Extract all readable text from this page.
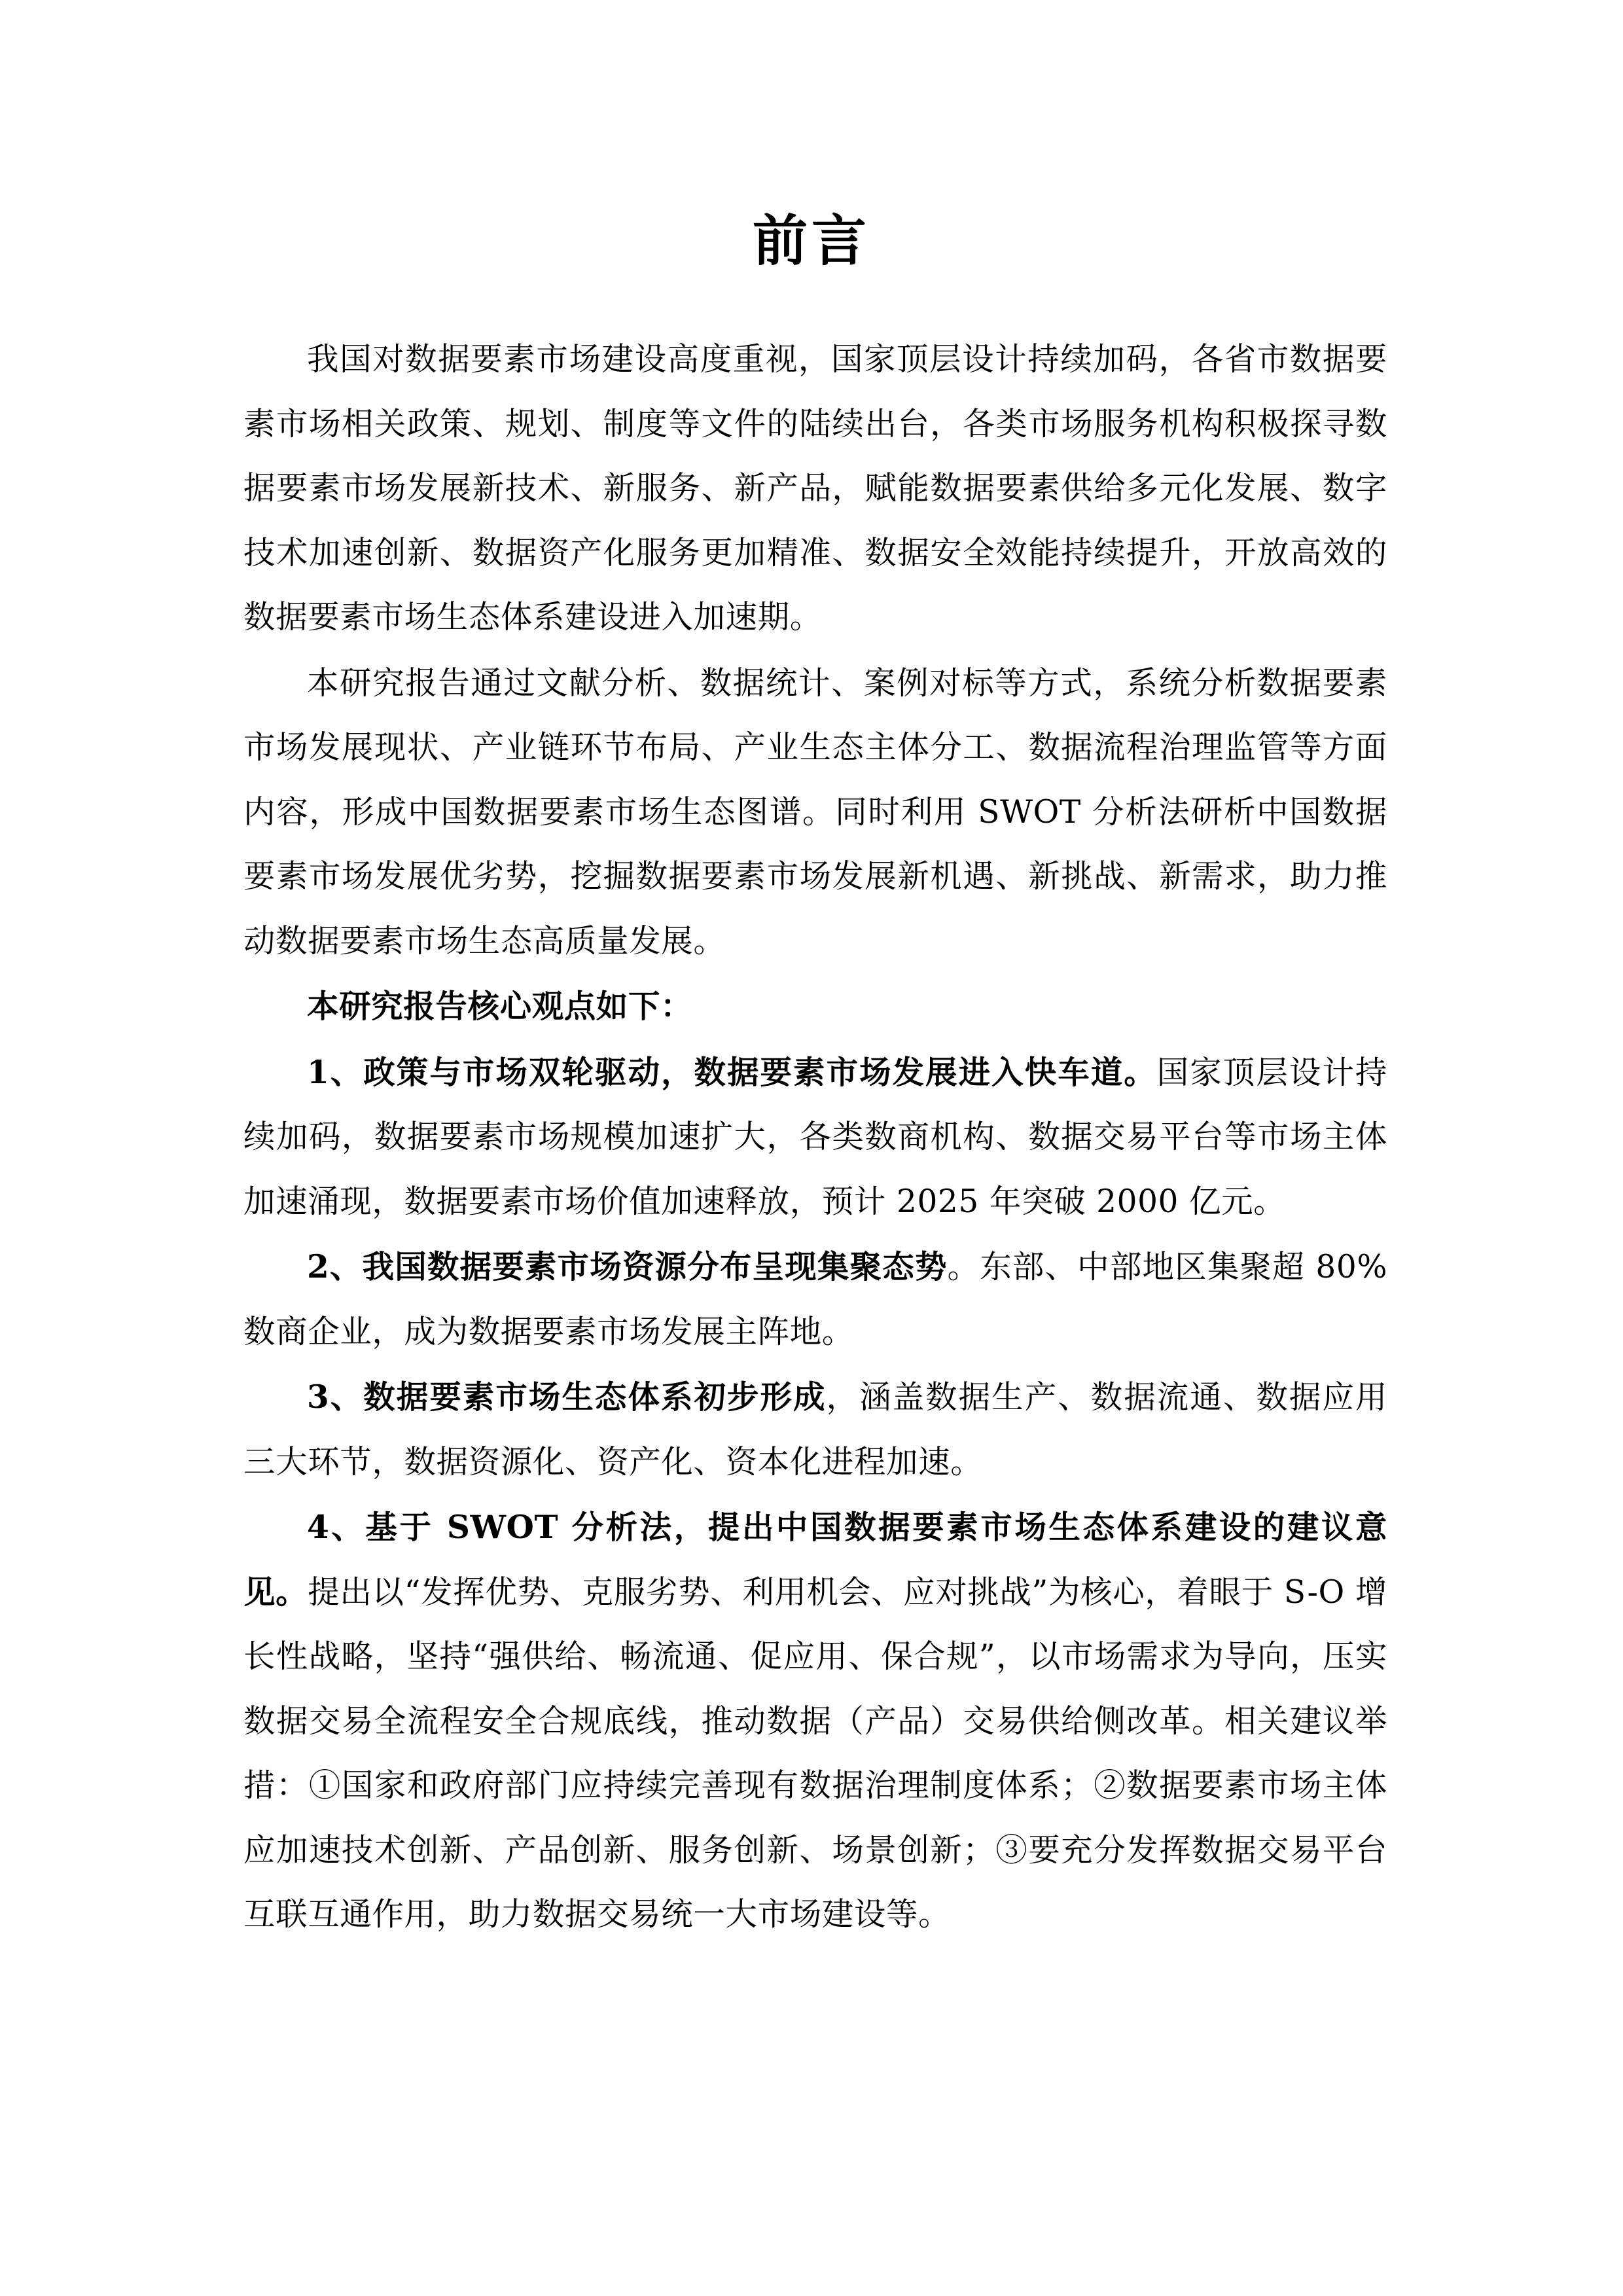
前言

我国对数据要素市场建设高度重视，国家顶层设计持续加码，各省市数据要素市场相关政策、规划、制度等文件的陆续出台，各类市场服务机构积极探寻数据要素市场发展新技术、新服务、新产品，赋能数据要素供给多元化发展、数字技术加速创新、数据资产化服务更加精准、数据安全效能持续提升，开放高效的数据要素市场生态体系建设进入加速期。

本研究报告通过文献分析、数据统计、案例对标等方式，系统分析数据要素市场发展现状、产业链环节布局、产业生态主体分工、数据流程治理监管等方面内容，形成中国数据要素市场生态图谱。同时利用 SWOT 分析法研析中国数据要素市场发展优劣势，挖掘数据要素市场发展新机遇、新挑战、新需求，助力推动数据要素市场生态高质量发展。

本研究报告核心观点如下：

1、政策与市场双轮驱动，数据要素市场发展进入快车道。国家顶层设计持续加码，数据要素市场规模加速扩大，各类数商机构、数据交易平台等市场主体加速涌现，数据要素市场价值加速释放，预计 2025 年突破 2000 亿元。

2、我国数据要素市场资源分布呈现集聚态势。东部、中部地区集聚超 80%数商企业，成为数据要素市场发展主阵地。

3、数据要素市场生态体系初步形成，涵盖数据生产、数据流通、数据应用三大环节，数据资源化、资产化、资本化进程加速。

4、基于 SWOT 分析法，提出中国数据要素市场生态体系建设的建议意见。提出以“发挥优势、克服劣势、利用机会、应对挑战”为核心，着眼于 S-O 增长性战略，坚持“强供给、畅流通、促应用、保合规”，以市场需求为导向，压实数据交易全流程安全合规底线，推动数据（产品）交易供给侧改革。相关建议举措：①国家和政府部门应持续完善现有数据治理制度体系；②数据要素市场主体应加速技术创新、产品创新、服务创新、场景创新；③要充分发挥数据交易平台互联互通作用，助力数据交易统一大市场建设等。
